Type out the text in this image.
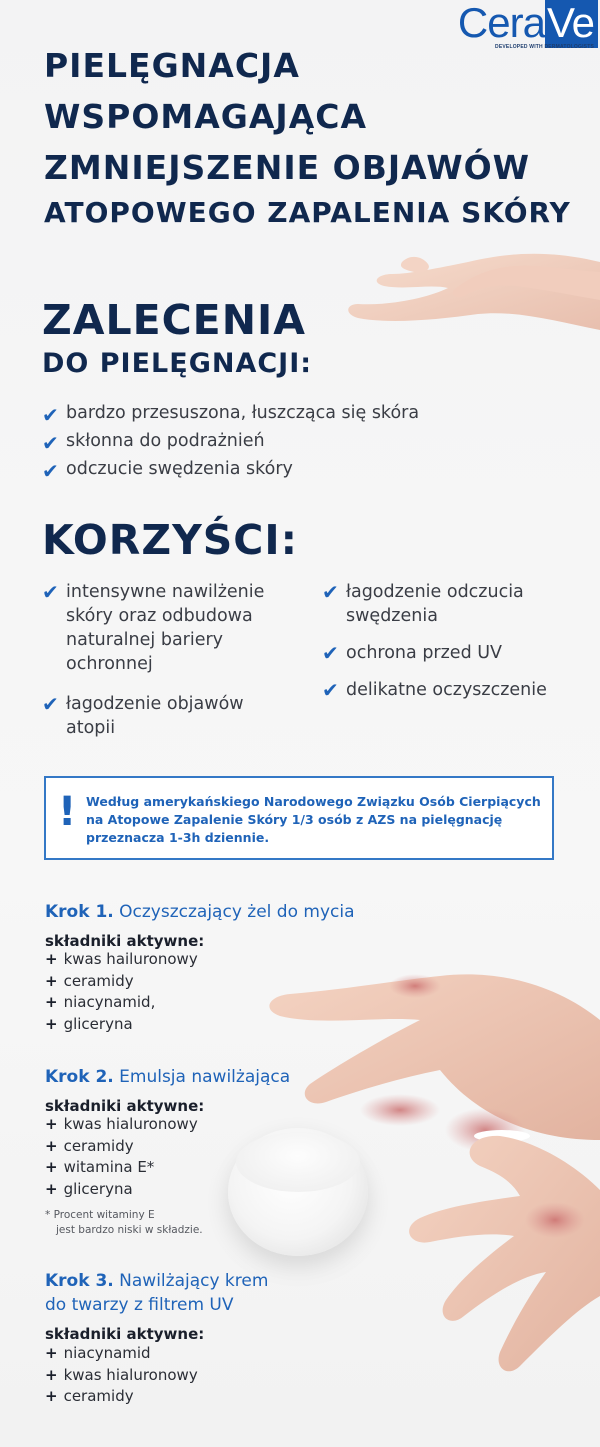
CeraVe
DEVELOPED WITH DERMATOLOGISTS
PIELĘGNACJA
WSPOMAGAJĄCA
ZMNIEJSZENIE OBJAWÓW
ATOPOWEGO ZAPALENIA SKÓRY
ZALECENIA
DO PIELĘGNACJI:
✔ bardzo przesuszona, łuszcząca się skóra
✔ skłonna do podrażnień
✔ odczucie swędzenia skóry
KORZYŚCI:
✔ intensywne nawilżenie skóry oraz odbudowa naturalnej bariery ochronnej
✔ łagodzenie objawów atopii
✔ łagodzenie odczucia swędzenia
✔ ochrona przed UV
✔ delikatne oczyszczenie
! Według amerykańskiego Narodowego Związku Osób Cierpiących na Atopowe Zapalenie Skóry 1/3 osób z AZS na pielęgnację przeznacza 1-3h dziennie.
Krok 1. Oczyszczający żel do mycia
składniki aktywne:
+ kwas hailuronowy
+ ceramidy
+ niacynamid,
+ gliceryna
Krok 2. Emulsja nawilżająca
składniki aktywne:
+ kwas hialuronowy
+ ceramidy
+ witamina E*
+ gliceryna
* Procent witaminy E
jest bardzo niski w składzie.
Krok 3. Nawilżający krem
do twarzy z filtrem UV
składniki aktywne:
+ niacynamid
+ kwas hialuronowy
+ ceramidy
